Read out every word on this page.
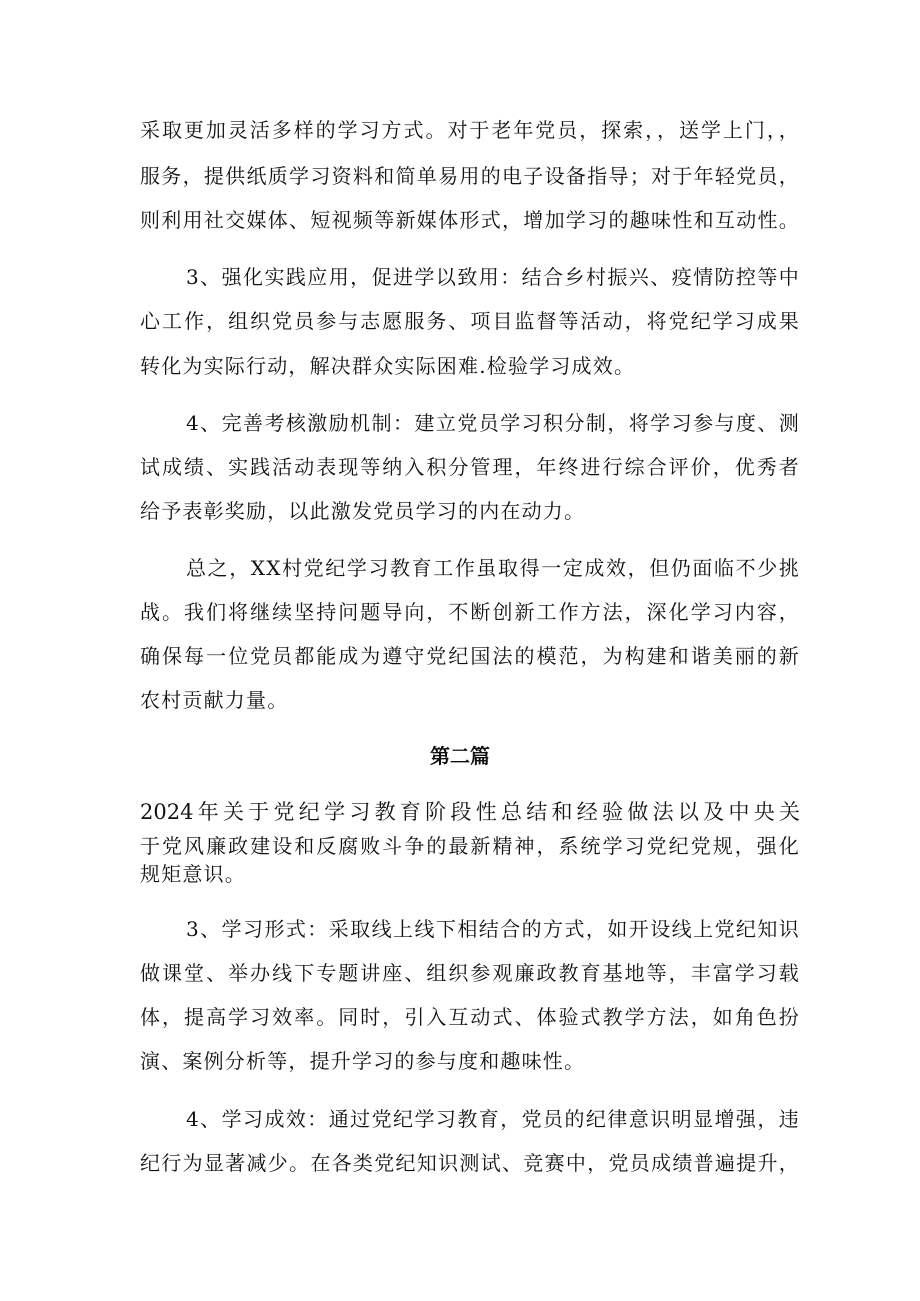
采取更加灵活多样的学习方式。对于老年党员，探索，，送学上门，，
服务，提供纸质学习资料和简单易用的电子设备指导；对于年轻党员，
则利用社交媒体、短视频等新媒体形式，增加学习的趣味性和互动性。
3、强化实践应用，促进学以致用：结合乡村振兴、疫情防控等中
心工作，组织党员参与志愿服务、项目监督等活动，将党纪学习成果
转化为实际行动，解决群众实际困难.检验学习成效。
4、完善考核激励机制：建立党员学习积分制，将学习参与度、测
试成绩、实践活动表现等纳入积分管理，年终进行综合评价，优秀者
给予表彰奖励，以此激发党员学习的内在动力。
总之，XX村党纪学习教育工作虽取得一定成效，但仍面临不少挑
战。我们将继续坚持问题导向，不断创新工作方法，深化学习内容，
确保每一位党员都能成为遵守党纪国法的模范，为构建和谐美丽的新
农村贡献力量。
第二篇
2024年关于党纪学习教育阶段性总结和经验做法以及中央关
于党风廉政建设和反腐败斗争的最新精神，系统学习党纪党规，强化
规矩意识。
3、学习形式：采取线上线下相结合的方式，如开设线上党纪知识
做课堂、举办线下专题讲座、组织参观廉政教育基地等，丰富学习载
体，提高学习效率。同时，引入互动式、体验式教学方法，如角色扮
演、案例分析等，提升学习的参与度和趣味性。
4、学习成效：通过党纪学习教育，党员的纪律意识明显增强，违
纪行为显著减少。在各类党纪知识测试、竞赛中，党员成绩普遍提升，
